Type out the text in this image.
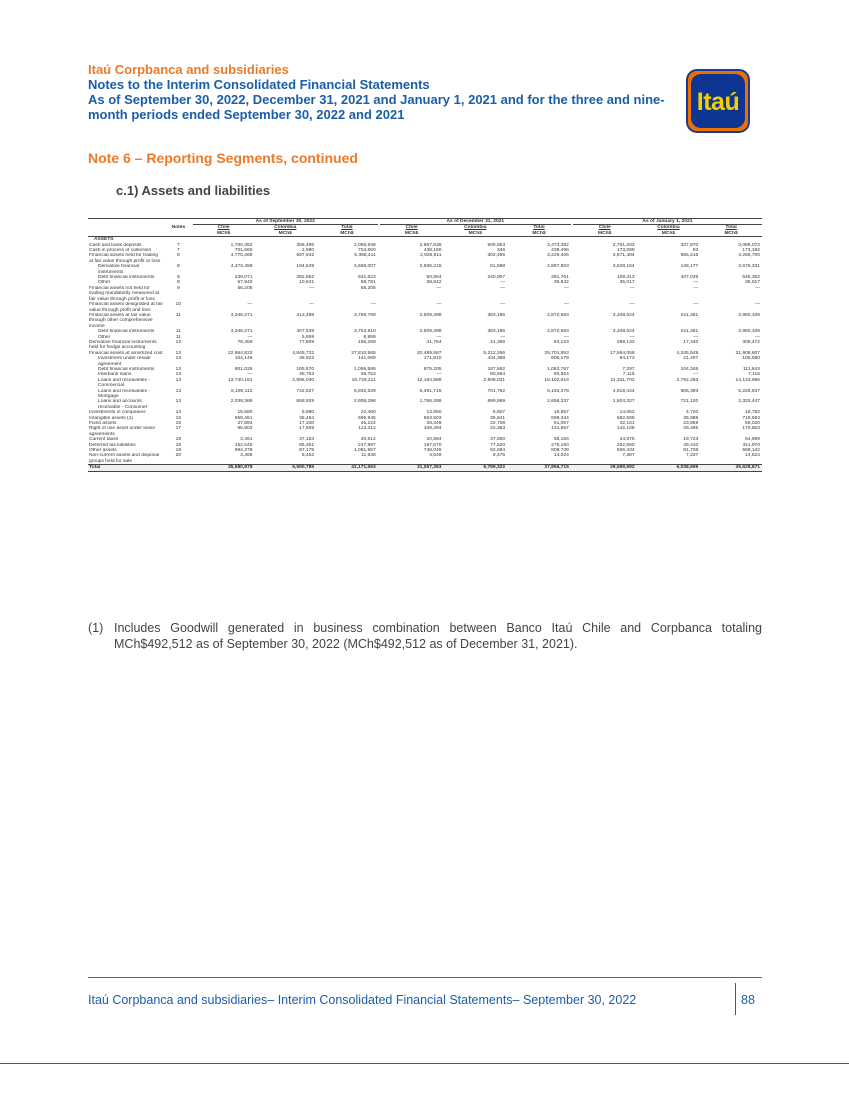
Itaú Corpbanca and subsidiaries
Notes to the Interim Consolidated Financial Statements
As of September 30, 2022, December 31, 2021 and January 1, 2021 and for the three and nine-
month periods ended September 30, 2022 and 2021	Itaú
Note 6 – Reporting Segments, continued
c.1) Assets and liabilities
		As of September 30, 2022				As of December 31, 2021				As of January 1, 2021		
	Notes	Chile	Colombia	Total		Chile	Colombia	Total		Chile	Colombia	Total
		MCh$	MCh$	MCh$		MCh$	MCh$	MCh$		MCh$	MCh$	MCh$
ASSETS												
Cash and bank deposits	7	1,700,352	356,496	2,056,848		2,867,539	605,853	3,473,392		2,761,202	327,870	3,089,072
Cash in process of collection	7	701,660	2,990	704,650		438,150	346	438,496		173,099	93	173,192
Financial assets held for trading at fair value through profit or loss	8	4,770,469	597,942	5,368,411		2,926,911	302,495	3,229,406		3,671,484	585,216	4,256,700
Derivative financial instruments	8	4,473,458	194,549	4,668,007		2,836,215	61,588	2,897,803		3,528,154	148,177	3,676,331
Debt financial instruments	8	239,071	392,552	631,623		50,854	240,907	291,761		108,313	437,039	545,352
Other	8	57,940	10,841	68,781		39,842	—	39,842		35,017	—	35,017
Financial assets not held for trading mandatorily measured at fair value through profit or loss	9	56,205	—	56,205		—	—	—		—	—	—
Financial assets designated at fair value through profit and loss	10	—	—	—		—	—	—		—	—	—
Financial assets at fair value through other comprehensive income	11	3,346,271	413,498	3,759,769		2,509,498	363,185	2,872,683		3,348,624	611,481	3,960,105
Debt financial instruments	11	3,346,271	407,539	3,753,810		2,509,498	363,185	2,872,683		3,348,624	611,481	3,960,105
Other	11	—	5,959	5,959		—	—	—		—	—	—
Derivative financial instruments held for hedge accounting	12	78,459	77,809	156,268		41,754	41,369	83,123		289,132	17,340	306,472
Financial assets at amortized cost	13	22,964,833	4,845,732	27,810,565		20,489,587	5,212,266	25,701,853		17,664,058	4,245,549	21,909,607
Investment under resale agreement	13	104,146	36,923	141,069		171,810	434,368	606,178		84,173	21,407	105,580
Debt financial instruments	13	901,025	165,570	1,066,595		875,205	187,562	1,062,767		7,297	104,346	111,643
Interbank loans	13	—	35,753	35,753		—	80,554	80,554		7,115	—	7,115
Loans and receivables - Commercial	13	13,730,181	2,996,030	16,726,211		12,194,588	2,908,031	15,102,619		11,341,702	2,792,283	14,133,985
Loans and receivables - Mortgage	13	6,190,112	742,527	6,932,639		5,491,716	701,762	6,193,478		4,619,444	606,393	5,225,837
Loans and accounts receivable - Consumer	13	2,039,369	868,929	2,908,298		1,756,268	899,969	2,656,237		1,604,327	721,120	2,325,447
Investments in companies	14	15,580	6,880	22,460		13,950	5,607	19,557		14,062	4,720	18,782
Intangible assets (1)	15	659,461	36,484	695,945		663,503	35,841	699,344		682,695	35,988	718,683
Fixed assets	16	27,894	17,330	45,224		28,349	22,708	51,057		32,161	23,859	56,020
Right of use asset under lease agreements	17	95,803	17,509	113,312		109,294	22,363	131,657		142,108	28,495	170,603
Current taxes	18	3,461	37,153	40,614		20,584	37,600	58,184		44,976	19,723	64,699
Deferred tax liabilities	18	162,546	85,351	247,897		197,670	77,520	275,190		262,560	49,410	311,970
Other assets	19	994,378	87,179	1,081,557		746,045	62,694	808,739		506,434	81,708	588,142
Non-current assets and disposal groups held for sale	20	3,486	8,452	11,938		4,549	9,475	14,024		7,387	7,237	14,624
Total		35,580,878	6,590,785	42,171,663		31,057,393	6,799,322	37,856,715		29,589,992	6,038,699	35,628,671
(1) Includes Goodwill generated in business combination between Banco Itaú Chile and Corpbanca totaling MCh$492,512 as of September 30, 2022 (MCh$492,512 as of December 31, 2021).
Itaú Corpbanca and subsidiaries– Interim Consolidated Financial Statements– September 30, 2022	88
